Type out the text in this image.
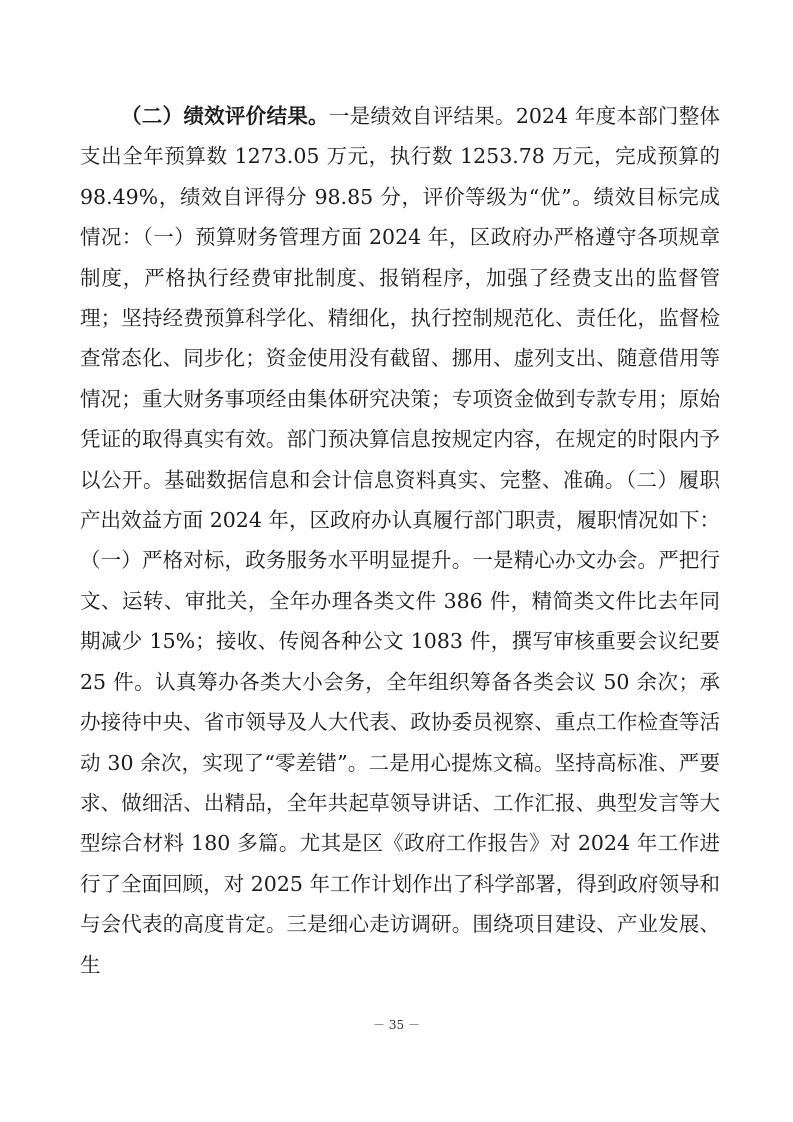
（二）绩效评价结果。一是绩效自评结果。2024 年度本部门整体支出全年预算数 1273.05 万元，执行数 1253.78 万元，完成预算的 98.49%，绩效自评得分 98.85 分，评价等级为“优”。绩效目标完成情况：（一）预算财务管理方面 2024 年，区政府办严格遵守各项规章制度，严格执行经费审批制度、报销程序，加强了经费支出的监督管理；坚持经费预算科学化、精细化，执行控制规范化、责任化，监督检查常态化、同步化；资金使用没有截留、挪用、虚列支出、随意借用等情况；重大财务事项经由集体研究决策；专项资金做到专款专用；原始凭证的取得真实有效。部门预决算信息按规定内容，在规定的时限内予以公开。基础数据信息和会计信息资料真实、完整、准确。（二）履职产出效益方面 2024 年，区政府办认真履行部门职责，履职情况如下：（一）严格对标，政务服务水平明显提升。一是精心办文办会。严把行文、运转、审批关，全年办理各类文件 386 件，精简类文件比去年同期减少 15%；接收、传阅各种公文 1083 件，撰写审核重要会议纪要 25 件。认真筹办各类大小会务，全年组织筹备各类会议 50 余次；承办接待中央、省市领导及人大代表、政协委员视察、重点工作检查等活动 30 余次，实现了“零差错”。二是用心提炼文稿。坚持高标准、严要求、做细活、出精品，全年共起草领导讲话、工作汇报、典型发言等大型综合材料 180 多篇。尤其是区《政府工作报告》对 2024 年工作进行了全面回顾，对 2025 年工作计划作出了科学部署，得到政府领导和与会代表的高度肯定。三是细心走访调研。围绕项目建设、产业发展、生

－ 35 －
